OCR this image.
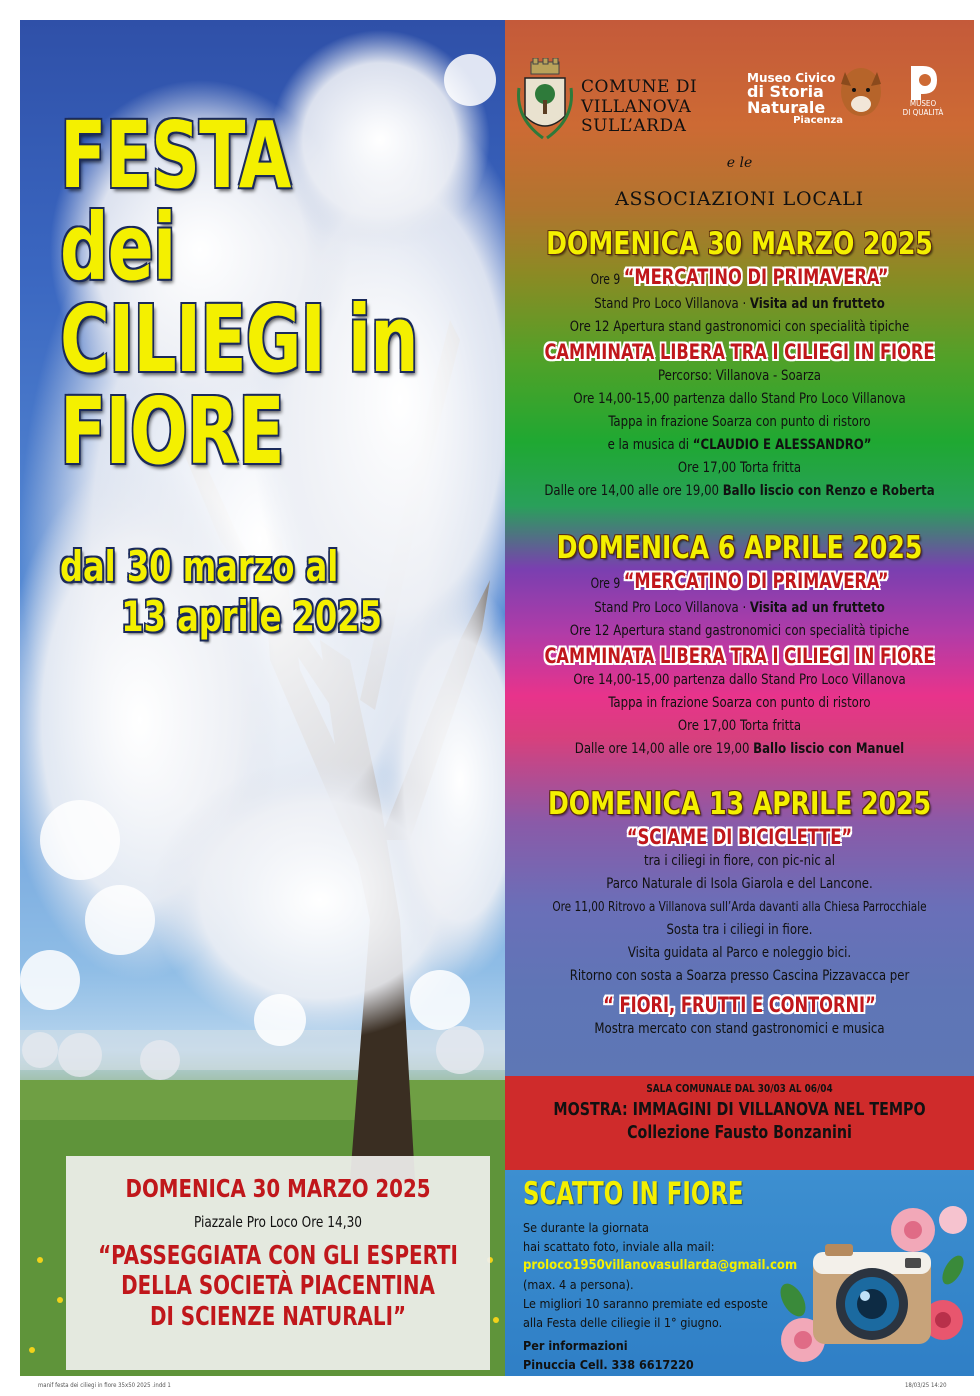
FESTA dei
CILIEGI in
FIORE
dal 30 marzo al
13 aprile 2025
DOMENICA 30 MARZO 2025
Piazzale Pro Loco Ore 14,30
“PASSEGGIATA CON GLI ESPERTI
DELLA SOCIETÀ PIACENTINA
DI SCIENZE NATURALI”
COMUNE DI
VILLANOVA
SULL’ARDA
Museo Civico
di Storia
Naturale
Piacenza
MUSEO
DI QUALITÀ
e le
ASSOCIAZIONI LOCALI
DOMENICA 30 MARZO 2025
Ore 9 “MERCATINO DI PRIMAVERA”
Stand Pro Loco Villanova · Visita ad un frutteto
Ore 12 Apertura stand gastronomici con specialità tipiche
CAMMINATA LIBERA TRA I CILIEGI IN FIORE
Percorso: Villanova - Soarza
Ore 14,00-15,00 partenza dallo Stand Pro Loco Villanova
Tappa in frazione Soarza con punto di ristoro
e la musica di “CLAUDIO E ALESSANDRO”
Ore 17,00 Torta fritta
Dalle ore 14,00 alle ore 19,00 Ballo liscio con Renzo e Roberta
DOMENICA 6 APRILE 2025
Ore 9 “MERCATINO DI PRIMAVERA”
Stand Pro Loco Villanova · Visita ad un frutteto
Ore 12 Apertura stand gastronomici con specialità tipiche
CAMMINATA LIBERA TRA I CILIEGI IN FIORE
Ore 14,00-15,00 partenza dallo Stand Pro Loco Villanova
Tappa in frazione Soarza con punto di ristoro
Ore 17,00 Torta fritta
Dalle ore 14,00 alle ore 19,00 Ballo liscio con Manuel
DOMENICA 13 APRILE 2025
“SCIAME DI BICICLETTE”
tra i ciliegi in fiore, con pic-nic al
Parco Naturale di Isola Giarola e del Lancone.
Ore 11,00 Ritrovo a Villanova sull’Arda davanti alla Chiesa Parrocchiale
Sosta tra i ciliegi in fiore.
Visita guidata al Parco e noleggio bici.
Ritorno con sosta a Soarza presso Cascina Pizzavacca per
“ FIORI, FRUTTI E CONTORNI”
Mostra mercato con stand gastronomici e musica
SALA COMUNALE DAL 30/03 AL 06/04
MOSTRA: IMMAGINI DI VILLANOVA NEL TEMPO
Collezione Fausto Bonzanini
SCATTO IN FIORE
Se durante la giornata
hai scattato foto, inviale alla mail:
proloco1950villanovasullarda@gmail.com
(max. 4 a persona).
Le migliori 10 saranno premiate ed esposte
alla Festa delle ciliegie il 1° giugno.
Per informazioni
Pinuccia Cell. 338 6617220
manif festa dei ciliegi in fiore 35x50 2025 .indd 1	18/03/25 14:20
